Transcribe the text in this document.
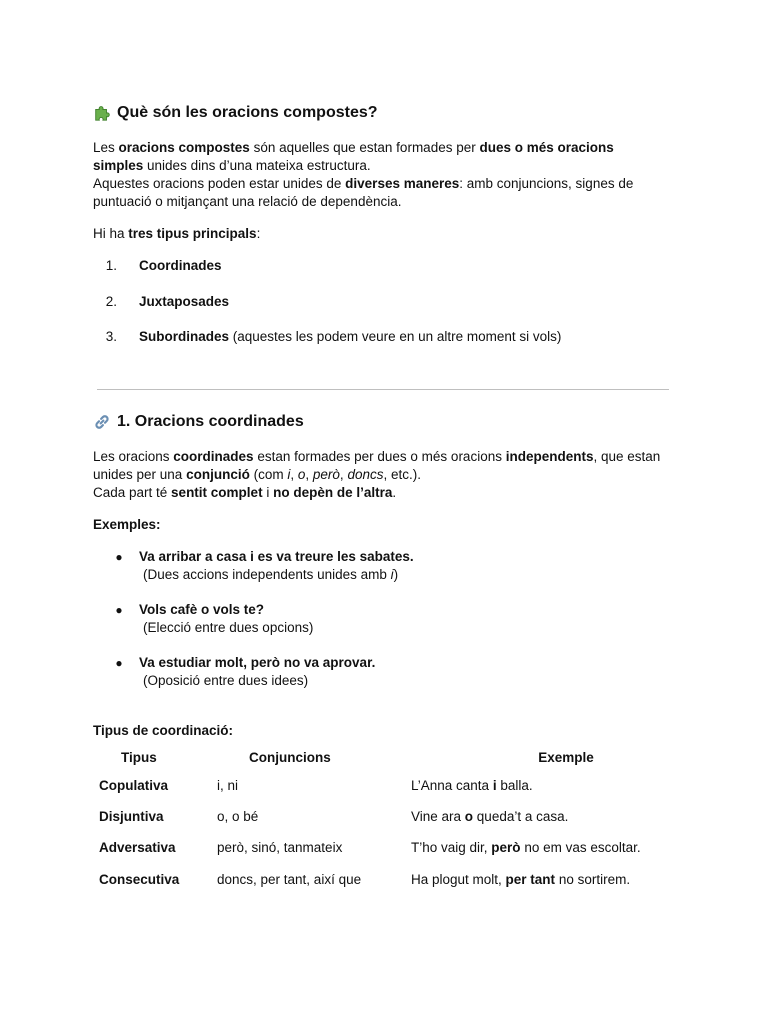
Què són les oracions compostes?

Les oracions compostes són aquelles que estan formades per dues o més oracions simples unides dins d’una mateixa estructura.

Aquestes oracions poden estar unides de diverses maneres: amb conjuncions, signes de puntuació o mitjançant una relació de dependència.

Hi ha tres tipus principals:

1. Coordinades
2. Juxtaposades
3. Subordinades (aquestes les podem veure en un altre moment si vols)
1. Oracions coordinades

Les oracions coordinades estan formades per dues o més oracions independents, que estan unides per una conjunció (com i, o, però, doncs, etc.).

Cada part té sentit complet i no depèn de l’altra.

Exemples:

● Va arribar a casa i es va treure les sabates.
(Dues accions independents unides amb i)
● Vols cafè o vols te?
(Elecció entre dues opcions)
● Va estudiar molt, però no va aprovar.
(Oposició entre dues idees)

Tipus de coordinació:

Tipus	Conjuncions	Exemple
Copulativa	i, ni	L’Anna canta i balla.
Disjuntiva	o, o bé	Vine ara o queda’t a casa.
Adversativa	però, sinó, tanmateix	T’ho vaig dir, però no em vas escoltar.
Consecutiva	doncs, per tant, així que	Ha plogut molt, per tant no sortirem.
